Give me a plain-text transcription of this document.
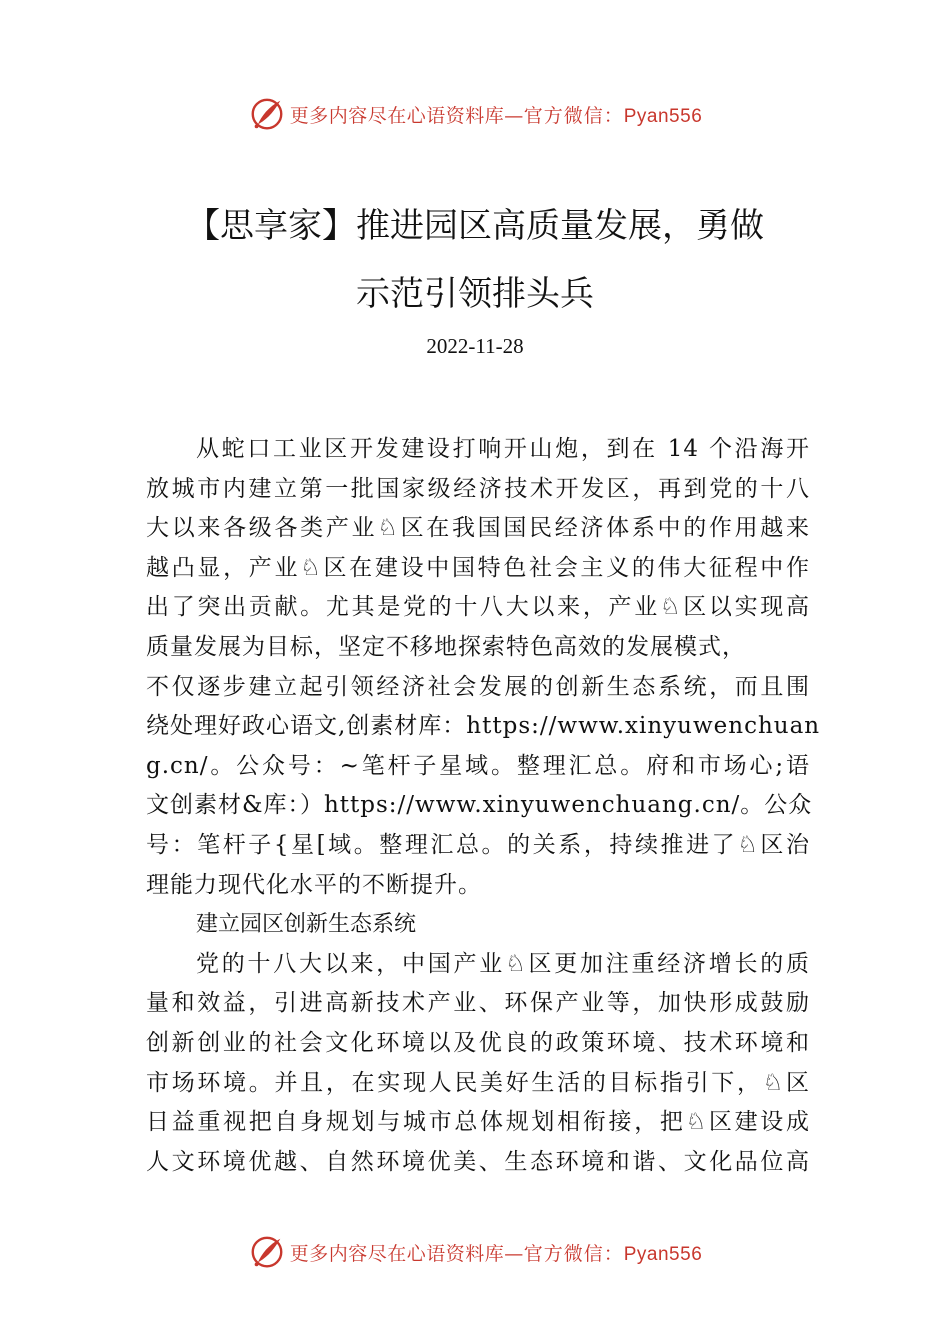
更多内容尽在心语资料库—官方微信：Pyan556
【思享家】推进园区高质量发展，勇做
示范引领排头兵
2022-11-28
从蛇口工业区开发建设打响开山炮，到在 14 个沿海开
放城市内建立第一批国家级经济技术开发区，再到党的十八
大以来各级各类产业♘区在我国国民经济体系中的作用越来
越凸显，产业♘区在建设中国特色社会主义的伟大征程中作
出了突出贡献。尤其是党的十八大以来，产业♘区以实现高
质量发展为目标，坚定不移地探索特色高效的发展模式，
不仅逐步建立起引领经济社会发展的创新生态系统，而且围
绕处理好政心语文,创素材库：https://www.xinyuwenchuan
g.cn/。公众号：~笔杆子星域。整理汇总。府和市场心;语
文创素材&库：）https://www.xinyuwenchuang.cn/。公众
号：笔杆子{星[域。整理汇总。的关系，持续推进了♘区治
理能力现代化水平的不断提升。
建立园区创新生态系统
党的十八大以来，中国产业♘区更加注重经济增长的质
量和效益，引进高新技术产业、环保产业等，加快形成鼓励
创新创业的社会文化环境以及优良的政策环境、技术环境和
市场环境。并且，在实现人民美好生活的目标指引下，♘区
日益重视把自身规划与城市总体规划相衔接，把♘区建设成
人文环境优越、自然环境优美、生态环境和谐、文化品位高
更多内容尽在心语资料库—官方微信：Pyan556
